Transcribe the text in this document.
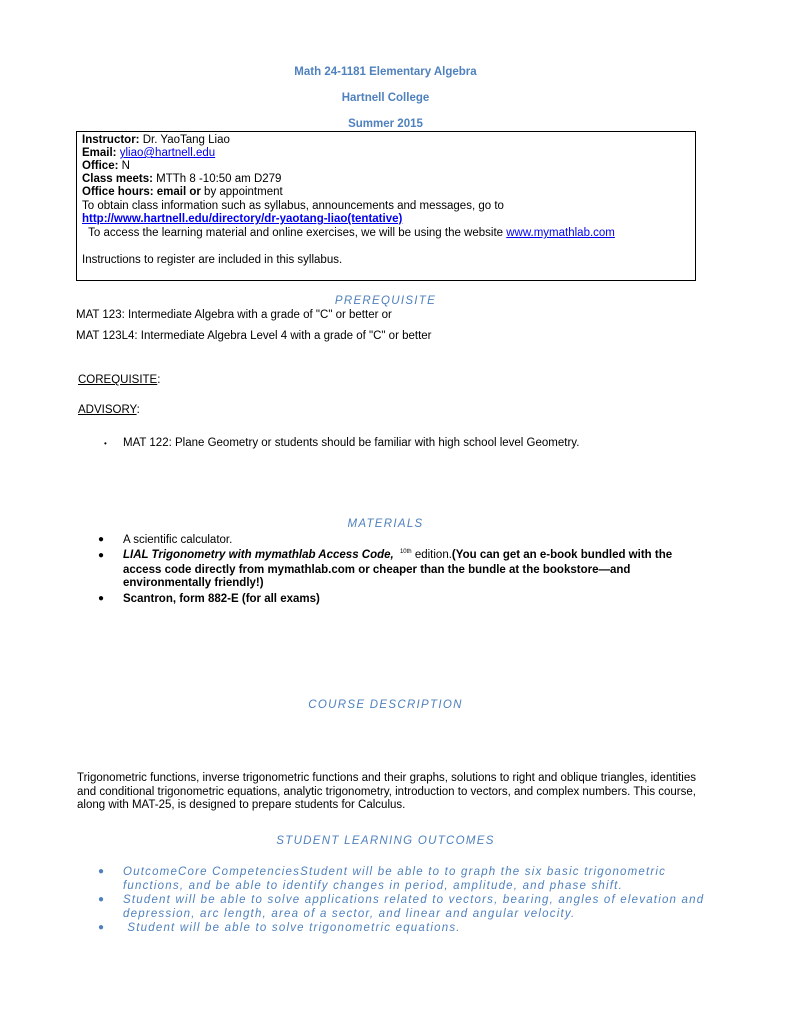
Math 24-1181 Elementary Algebra
Hartnell College
Summer 2015
Instructor: Dr. YaoTang Liao
Email: yliao@hartnell.edu
Office: N
Class meets: MTTh 8 -10:50 am D279
Office hours: email or by appointment
To obtain class information such as syllabus, announcements and messages, go to
http://www.hartnell.edu/directory/dr-yaotang-liao(tentative)
To access the learning material and online exercises, we will be using the website www.mymathlab.com
Instructions to register are included in this syllabus.
PREREQUISITE
MAT 123: Intermediate Algebra with a grade of "C" or better or
MAT 123L4: Intermediate Algebra Level 4 with a grade of "C" or better
COREQUISITE:
ADVISORY:
• MAT 122: Plane Geometry or students should be familiar with high school level Geometry.
MATERIALS
● A scientific calculator.
● LIAL Trigonometry with mymathlab Access Code, $^{10th}$ edition.(You can get an e-book bundled with the
access code directly from mymathlab.com or cheaper than the bundle at the bookstore—and
environmentally friendly!)
● Scantron, form 882-E (for all exams)
COURSE DESCRIPTION
Trigonometric functions, inverse trigonometric functions and their graphs, solutions to right and oblique triangles, identities
and conditional trigonometric equations, analytic trigonometry, introduction to vectors, and complex numbers. This course,
along with MAT-25, is designed to prepare students for Calculus.
STUDENT LEARNING OUTCOMES
● OutcomeCore CompetenciesStudent will be able to to graph the six basic trigonometric
functions, and be able to identify changes in period, amplitude, and phase shift.
● Student will be able to solve applications related to vectors, bearing, angles of elevation and
depression, arc length, area of a sector, and linear and angular velocity.
● Student will be able to solve trigonometric equations.
